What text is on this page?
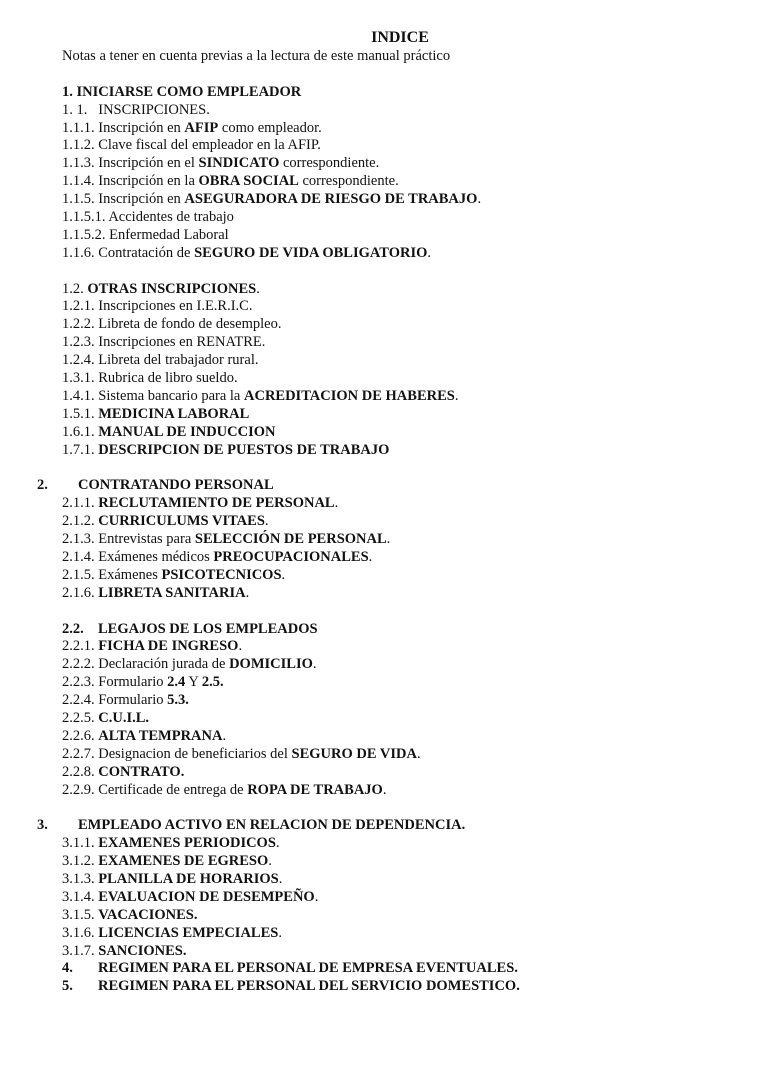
INDICE
Notas a tener en cuenta previas a la lectura de este manual práctico
1. INICIARSE COMO EMPLEADOR
1. 1.   INSCRIPCIONES.
1.1.1. Inscripción en AFIP como empleador.
1.1.2. Clave fiscal del empleador en la AFIP.
1.1.3. Inscripción en el SINDICATO correspondiente.
1.1.4. Inscripción en la OBRA SOCIAL correspondiente.
1.1.5. Inscripción en ASEGURADORA DE RIESGO DE TRABAJO.
1.1.5.1. Accidentes de trabajo
1.1.5.2. Enfermedad Laboral
1.1.6. Contratación de SEGURO DE VIDA OBLIGATORIO.
1.2. OTRAS INSCRIPCIONES.
1.2.1. Inscripciones en I.E.R.I.C.
1.2.2. Libreta de fondo de desempleo.
1.2.3. Inscripciones en RENATRE.
1.2.4. Libreta del trabajador rural.
1.3.1. Rubrica de libro sueldo.
1.4.1. Sistema bancario para la ACREDITACION DE HABERES.
1.5.1. MEDICINA LABORAL
1.6.1. MANUAL DE INDUCCION
1.7.1. DESCRIPCION DE PUESTOS DE TRABAJO
2. CONTRATANDO PERSONAL
2.1.1. RECLUTAMIENTO DE PERSONAL.
2.1.2. CURRICULUMS VITAES.
2.1.3. Entrevistas para SELECCIÓN DE PERSONAL.
2.1.4. Exámenes médicos PREOCUPACIONALES.
2.1.5. Exámenes PSICOTECNICOS.
2.1.6. LIBRETA SANITARIA.
2.2. LEGAJOS DE LOS EMPLEADOS
2.2.1. FICHA DE INGRESO.
2.2.2. Declaración jurada de DOMICILIO.
2.2.3. Formulario 2.4 Y 2.5.
2.2.4. Formulario 5.3.
2.2.5. C.U.I.L.
2.2.6. ALTA TEMPRANA.
2.2.7. Designacion de beneficiarios del SEGURO DE VIDA.
2.2.8. CONTRATO.
2.2.9. Certificade de entrega de ROPA DE TRABAJO.
3. EMPLEADO ACTIVO EN RELACION DE DEPENDENCIA.
3.1.1. EXAMENES PERIODICOS.
3.1.2. EXAMENES DE EGRESO.
3.1.3. PLANILLA DE HORARIOS.
3.1.4. EVALUACION DE DESEMPEÑO.
3.1.5. VACACIONES.
3.1.6. LICENCIAS EMPECIALES.
3.1.7. SANCIONES.
4. REGIMEN PARA EL PERSONAL DE EMPRESA EVENTUALES.
5. REGIMEN PARA EL PERSONAL DEL SERVICIO DOMESTICO.
